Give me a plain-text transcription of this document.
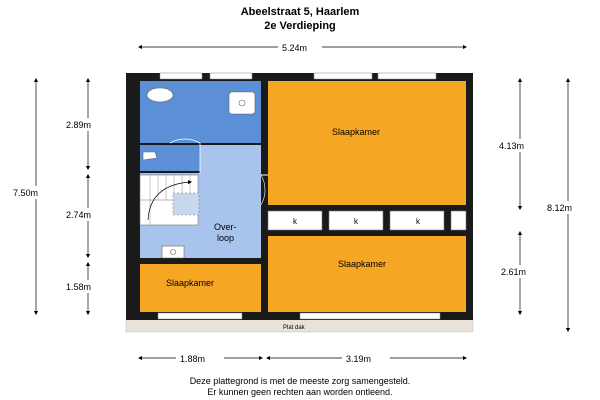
Abeelstraat 5, Haarlem
2e Verdieping
Plat dak
k	k	k
Slaapkamer
Slaapkamer
Slaapkamer
Over-
loop
5.24m
7.50m
2.89m
2.74m
1.58m
4.13m
2.61m
8.12m
1.88m	3.19m
Deze plattegrond is met de meeste zorg samengesteld.
Er kunnen geen rechten aan worden ontleend.
